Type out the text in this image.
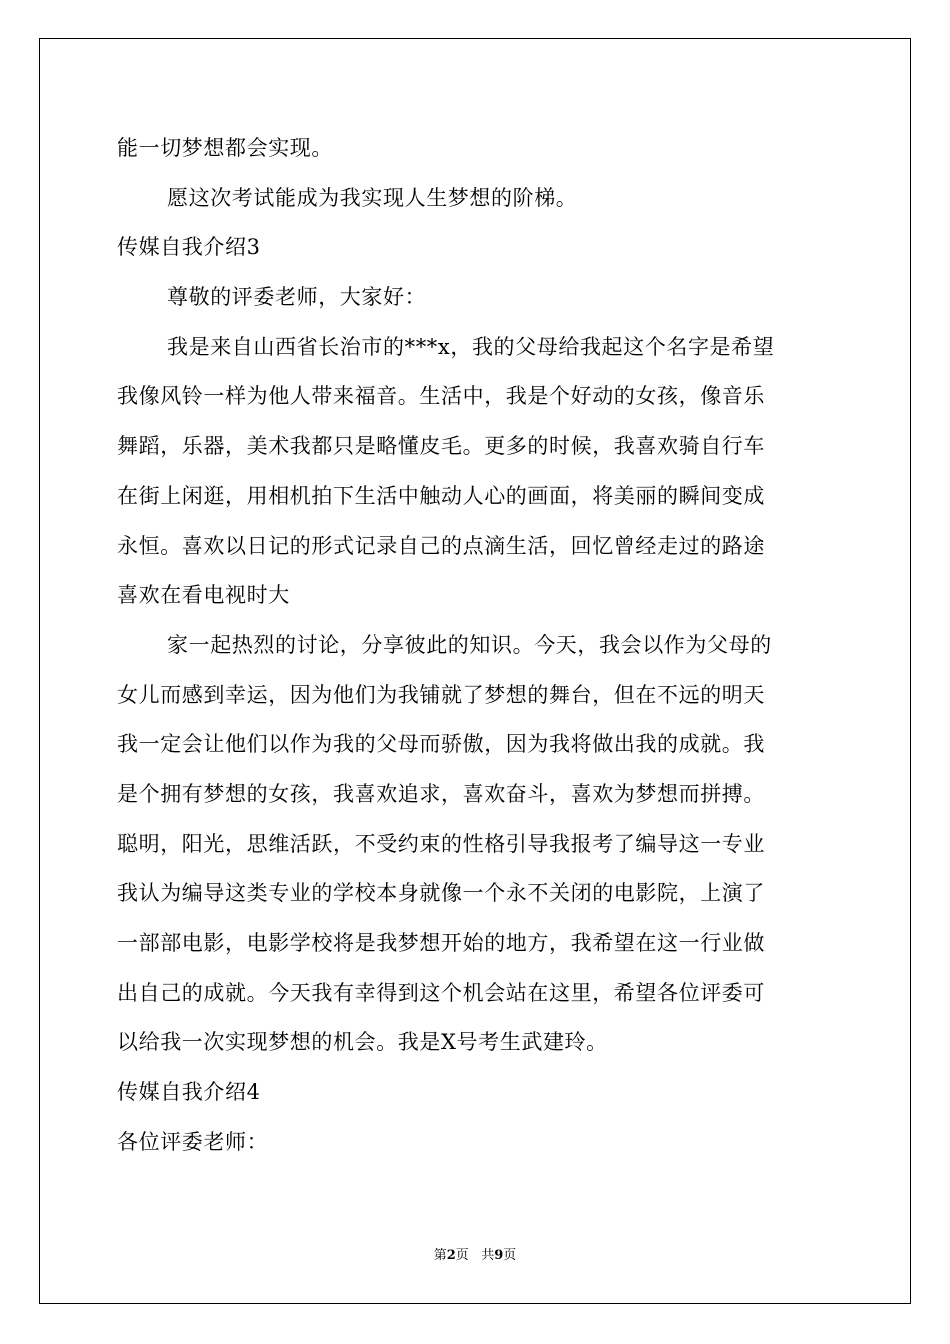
能一切梦想都会实现。
愿这次考试能成为我实现人生梦想的阶梯。
传媒自我介绍3
尊敬的评委老师，大家好：
我是来自山西省长治市的***x，我的父母给我起这个名字是希望
我像风铃一样为他人带来福音。生活中，我是个好动的女孩，像音乐
舞蹈，乐器，美术我都只是略懂皮毛。更多的时候，我喜欢骑自行车
在街上闲逛，用相机拍下生活中触动人心的画面，将美丽的瞬间变成
永恒。喜欢以日记的形式记录自己的点滴生活，回忆曾经走过的路途
喜欢在看电视时大
家一起热烈的讨论，分享彼此的知识。今天，我会以作为父母的
女儿而感到幸运，因为他们为我铺就了梦想的舞台，但在不远的明天
我一定会让他们以作为我的父母而骄傲，因为我将做出我的成就。我
是个拥有梦想的女孩，我喜欢追求，喜欢奋斗，喜欢为梦想而拼搏。
聪明，阳光，思维活跃，不受约束的性格引导我报考了编导这一专业
我认为编导这类专业的学校本身就像一个永不关闭的电影院，上演了
一部部电影，电影学校将是我梦想开始的地方，我希望在这一行业做
出自己的成就。今天我有幸得到这个机会站在这里，希望各位评委可
以给我一次实现梦想的机会。我是X号考生武建玲。
传媒自我介绍4
各位评委老师：
第2页 共9页
